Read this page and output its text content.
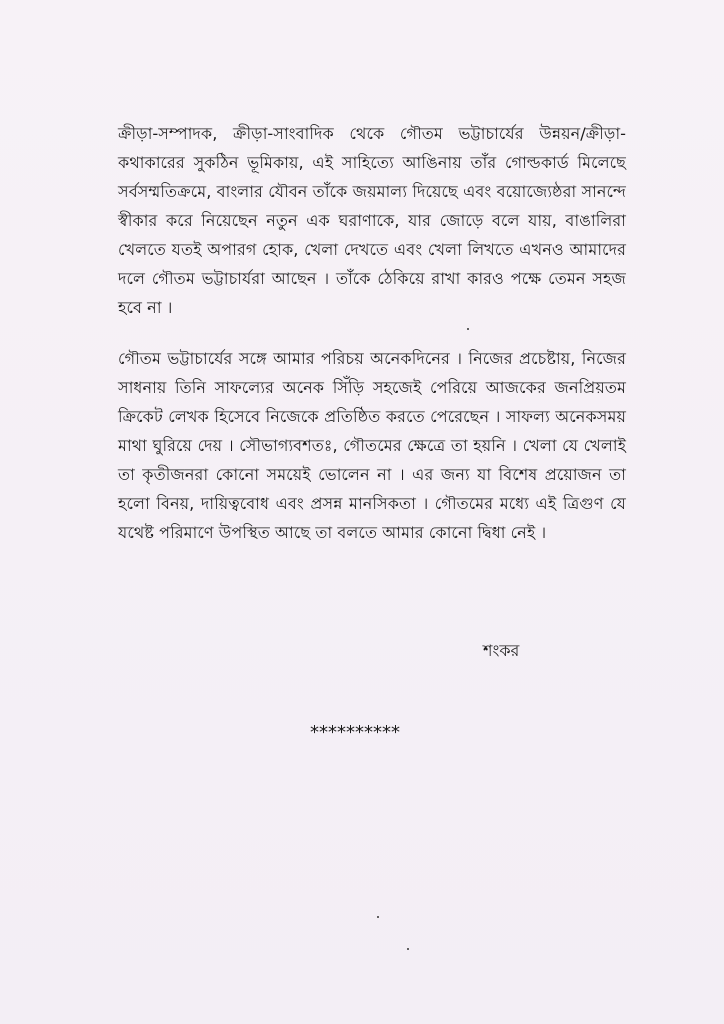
ক্রীড়া-সম্পাদক, ক্রীড়া-সাংবাদিক থেকে গৌতম ভট্টাচার্যের উন্নয়ন/ক্রীড়া-কথাকারের সুকঠিন ভূমিকায়, এই সাহিত্যে আঙিনায় তাঁর গোল্ডকার্ড মিলেছে সর্বসম্মতিক্রমে, বাংলার যৌবন তাঁকে জয়মাল্য দিয়েছে এবং বয়োজ্যেষ্ঠরা সানন্দে স্বীকার করে নিয়েছেন নতুন এক ঘরাণাকে, যার জোড়ে বলে যায়, বাঙালিরা খেলতে যতই অপারগ হোক, খেলা দেখতে এবং খেলা লিখতে এখনও আমাদের দলে গৌতম ভট্টাচার্যরা আছেন । তাঁকে ঠেকিয়ে রাখা কারও পক্ষে তেমন সহজ হবে না ।

গৌতম ভট্টাচার্যের সঙ্গে আমার পরিচয় অনেকদিনের । নিজের প্রচেষ্টায়, নিজের সাধনায় তিনি সাফল্যের অনেক সিঁড়ি সহজেই পেরিয়ে আজকের জনপ্রিয়তম ক্রিকেট লেখক হিসেবে নিজেকে প্রতিষ্ঠিত করতে পেরেছেন । সাফল্য অনেকসময় মাথা ঘুরিয়ে দেয় । সৌভাগ্যবশতঃ, গৌতমের ক্ষেত্রে তা হয়নি । খেলা যে খেলাই তা কৃতীজনরা কোনো সময়েই ভোলেন না । এর জন্য যা বিশেষ প্রয়োজন তা হলো বিনয়, দায়িত্ববোধ এবং প্রসন্ন মানসিকতা । গৌতমের মধ্যে এই ত্রিগুণ যে যথেষ্ট পরিমাণে উপস্থিত আছে তা বলতে আমার কোনো দ্বিধা নেই ।

শংকর

**********
